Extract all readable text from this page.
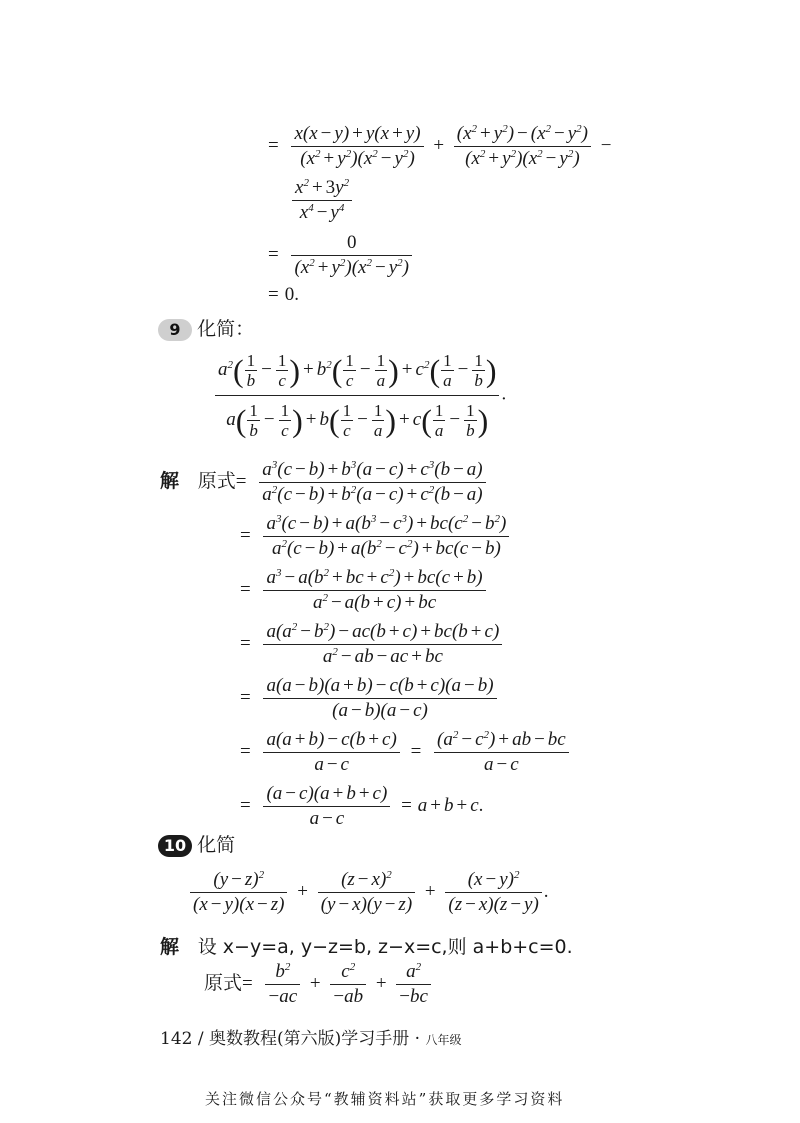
= $\frac{x(x - y) + y(x + y)}{(x^2 + y^2)(x^2 - y^2)} + \frac{(x^2 + y^2) - (x^2 - y^2)}{(x^2 + y^2)(x^2 - y^2)}$ −
$\frac{x^2 + 3y^2}{x^4 - y^4}$
= $\frac{0}{(x^2 + y^2)(x^2 - y^2)}$
= 0.
9 化简：
$\frac{a^2( \frac{1}{b} - \frac{1}{c} ) + b^2( \frac{1}{c} - \frac{1}{a} ) + c^2( \frac{1}{a} - \frac{1}{b} )}{a( \frac{1}{b} - \frac{1}{c} ) + b( \frac{1}{c} - \frac{1}{a} ) + c( \frac{1}{a} - \frac{1}{b} )}$ .
解 原式= $\frac{a^3(c - b) + b^3(a - c) + c^3(b - a)}{a^2(c - b) + b^2(a - c) + c^2(b - a)}$
= $\frac{a^3(c - b) + a(b^3 - c^3) + bc(c^2 - b^2)}{a^2(c - b) + a(b^2 - c^2) + bc(c - b)}$
= $\frac{a^3 - a(b^2 + bc + c^2) + bc(c + b)}{a^2 - a(b + c) + bc}$
= $\frac{a(a^2 - b^2) - ac(b + c) + bc(b + c)}{a^2 - ab - ac + bc}$
= $\frac{a(a - b)(a + b) - c(b + c)(a - b)}{(a - b)(a - c)}$
= $\frac{a(a + b) - c(b + c)}{a - c} = \frac{(a^2 - c^2) + ab - bc}{a - c}$
= $\frac{(a - c)(a + b + c)}{a - c} = a + b + c$.
10 化简
$\frac{(y - z)^2}{(x - y)(x - z)} + \frac{(z - x)^2}{(y - x)(y - z)} + \frac{(x - y)^2}{(z - x)(z - y)}$ .
解 设 x−y=a, y−z=b, z−x=c,则 a+b+c=0.
原式= $\frac{b^2}{-ac} + \frac{c^2}{-ab} + \frac{a^2}{-bc}$
142 / 奥数教程(第六版)学习手册 · 八年级
关注微信公众号“教辅资料站”获取更多学习资料
